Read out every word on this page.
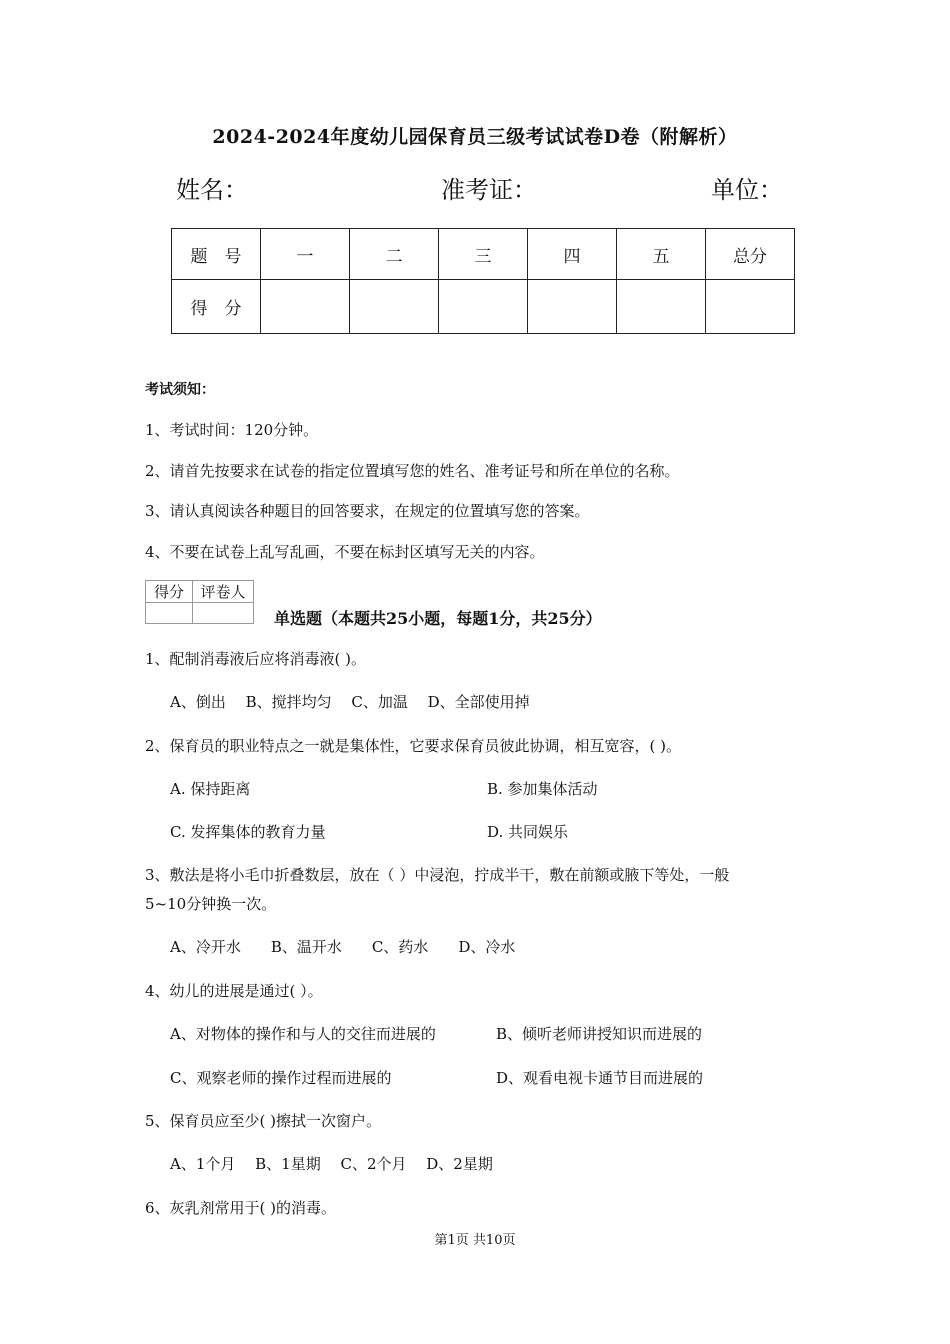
2024-2024年度幼儿园保育员三级考试试卷D卷（附解析）
姓名：	准考证：	单位：
题　号	一	二	三	四	五	总分
得　分						
考试须知：
1、考试时间：120分钟。
2、请首先按要求在试卷的指定位置填写您的姓名、准考证号和所在单位的名称。
3、请认真阅读各种题目的回答要求，在规定的位置填写您的答案。
4、不要在试卷上乱写乱画，不要在标封区填写无关的内容。
得分	评卷人

单选题（本题共25小题，每题1分，共25分）
1、配制消毒液后应将消毒液( )。
A、倒出　 B、搅拌均匀　 C、加温　 D、全部使用掉
2、保育员的职业特点之一就是集体性，它要求保育员彼此协调，相互宽容，( )。
A. 保持距离	B. 参加集体活动
C. 发挥集体的教育力量	D. 共同娱乐
3、敷法是将小毛巾折叠数层，放在（ ）中浸泡，拧成半干，敷在前额或腋下等处，一般
5~10分钟换一次。
A、冷开水　　B、温开水　　C、药水　　D、冷水
4、幼儿的进展是通过( ）。
A、对物体的操作和与人的交往而进展的	B、倾听老师讲授知识而进展的
C、观察老师的操作过程而进展的	D、观看电视卡通节目而进展的
5、保育员应至少( )擦拭一次窗户。
A、1个月　 B、1星期　 C、2个月　 D、2星期
6、灰乳剂常用于( )的消毒。
第1页 共10页
